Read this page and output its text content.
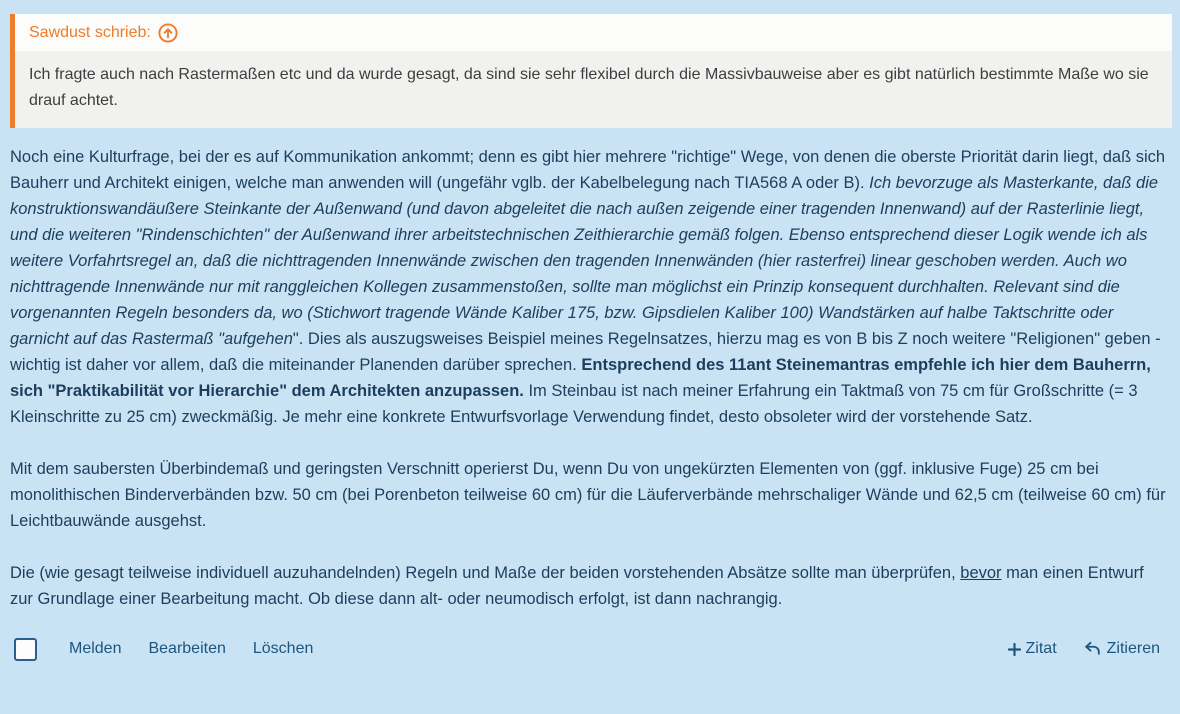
Sawdust schrieb:
Ich fragte auch nach Rastermaßen etc und da wurde gesagt, da sind sie sehr flexibel durch die Massivbauweise aber es gibt natürlich bestimmte Maße wo sie drauf achtet.

Noch eine Kulturfrage, bei der es auf Kommunikation ankommt; denn es gibt hier mehrere "richtige" Wege, von denen die oberste Priorität darin liegt, daß sich Bauherr und Architekt einigen, welche man anwenden will (ungefähr vglb. der Kabelbelegung nach TIA568 A oder B). Ich bevorzuge als Masterkante, daß die konstruktionswandäußere Steinkante der Außenwand (und davon abgeleitet die nach außen zeigende einer tragenden Innenwand) auf der Rasterlinie liegt, und die weiteren "Rindenschichten" der Außenwand ihrer arbeitstechnischen Zeithierarchie gemäß folgen. Ebenso entsprechend dieser Logik wende ich als weitere Vorfahrtsregel an, daß die nichttragenden Innenwände zwischen den tragenden Innenwänden (hier rasterfrei) linear geschoben werden. Auch wo nichttragende Innenwände nur mit ranggleichen Kollegen zusammenstoßen, sollte man möglichst ein Prinzip konsequent durchhalten. Relevant sind die vorgenannten Regeln besonders da, wo (Stichwort tragende Wände Kaliber 175, bzw. Gipsdielen Kaliber 100) Wandstärken auf halbe Taktschritte oder garnicht auf das Rastermaß "aufgehen". Dies als auszugsweises Beispiel meines Regelnsatzes, hierzu mag es von B bis Z noch weitere "Religionen" geben - wichtig ist daher vor allem, daß die miteinander Planenden darüber sprechen. Entsprechend des 11ant Steinemantras empfehle ich hier dem Bauherrn, sich "Praktikabilität vor Hierarchie" dem Architekten anzupassen. Im Steinbau ist nach meiner Erfahrung ein Taktmaß von 75 cm für Großschritte (= 3 Kleinschritte zu 25 cm) zweckmäßig. Je mehr eine konkrete Entwurfsvorlage Verwendung findet, desto obsoleter wird der vorstehende Satz.

Mit dem saubersten Überbindemaß und geringsten Verschnitt operierst Du, wenn Du von ungekürzten Elementen von (ggf. inklusive Fuge) 25 cm bei monolithischen Binderverbänden bzw. 50 cm (bei Porenbeton teilweise 60 cm) für die Läuferverbände mehrschaliger Wände und 62,5 cm (teilweise 60 cm) für Leichtbauwände ausgehst.

Die (wie gesagt teilweise individuell auzuhandelnden) Regeln und Maße der beiden vorstehenden Absätze sollte man überprüfen, bevor man einen Entwurf zur Grundlage einer Bearbeitung macht. Ob diese dann alt- oder neumodisch erfolgt, ist dann nachrangig.

Melden Bearbeiten Löschen	Zitat	Zitieren
